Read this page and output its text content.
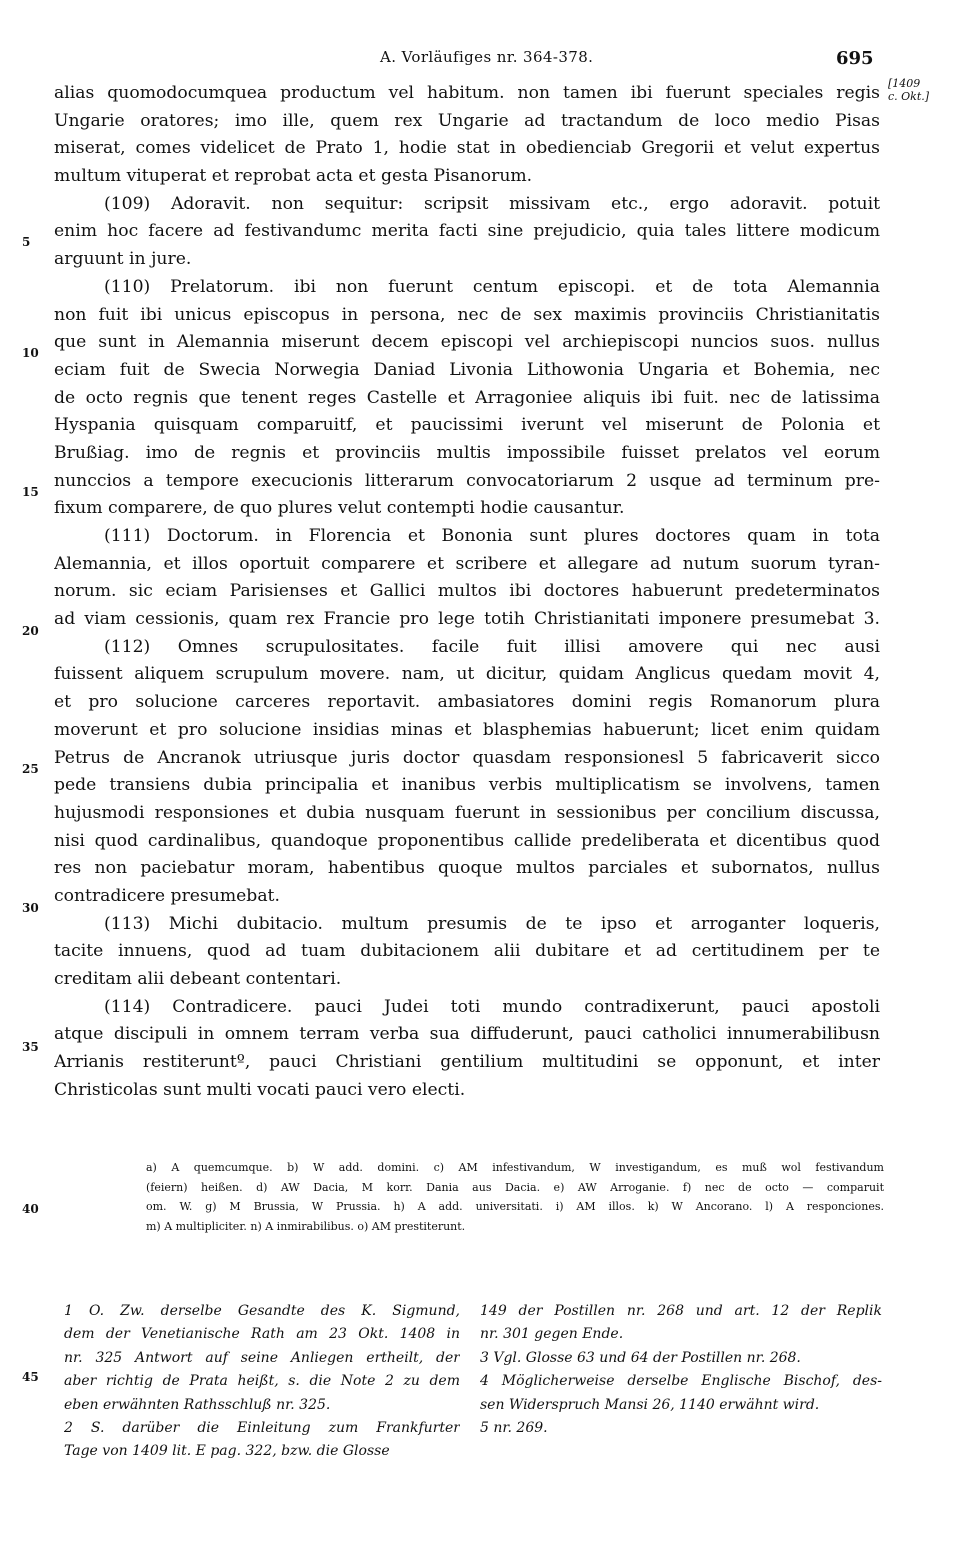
A. Vorläufiges nr. 364-378.	695
[1409
c. Okt.]
5
10
15
20
25
30
35
40
45
alias quomodocumquea productum vel habitum. non tamen ibi fuerunt speciales regis
Ungarie oratores; imo ille, quem rex Ungarie ad tractandum de loco medio Pisas
miserat, comes videlicet de Prato 1, hodie stat in obedienciab Gregorii et velut expertus
multum vituperat et reprobat acta et gesta Pisanorum.
(109) Adoravit. non sequitur: scripsit missivam etc., ergo adoravit. potuit
enim hoc facere ad festivandumc merita facti sine prejudicio, quia tales littere modicum
arguunt in jure.
(110) Prelatorum. ibi non fuerunt centum episcopi. et de tota Alemannia
non fuit ibi unicus episcopus in persona, nec de sex maximis provinciis Christianitatis
que sunt in Alemannia miserunt decem episcopi vel archiepiscopi nuncios suos. nullus
eciam fuit de Swecia Norwegia Daniad Livonia Lithowonia Ungaria et Bohemia, nec
de octo regnis que tenent reges Castelle et Arragoniee aliquis ibi fuit. nec de latissima
Hyspania quisquam comparuitf, et paucissimi iverunt vel miserunt de Polonia et
Brußiag. imo de regnis et provinciis multis impossibile fuisset prelatos vel eorum
nunccios a tempore execucionis litterarum convocatoriarum 2 usque ad terminum pre-
fixum comparere, de quo plures velut contempti hodie causantur.
(111) Doctorum. in Florencia et Bononia sunt plures doctores quam in tota
Alemannia, et illos oportuit comparere et scribere et allegare ad nutum suorum tyran-
norum. sic eciam Parisienses et Gallici multos ibi doctores habuerunt predeterminatos
ad viam cessionis, quam rex Francie pro lege totih Christianitati imponere presumebat 3.
(112) Omnes scrupulositates. facile fuit illisi amovere qui nec ausi
fuissent aliquem scrupulum movere. nam, ut dicitur, quidam Anglicus quedam movit 4,
et pro solucione carceres reportavit. ambasiatores domini regis Romanorum plura
moverunt et pro solucione insidias minas et blasphemias habuerunt; licet enim quidam
Petrus de Ancranok utriusque juris doctor quasdam responsionesl 5 fabricaverit sicco
pede transiens dubia principalia et inanibus verbis multiplicatism se involvens, tamen
hujusmodi responsiones et dubia nusquam fuerunt in sessionibus per concilium discussa,
nisi quod cardinalibus, quandoque proponentibus callide predeliberata et dicentibus quod
res non paciebatur moram, habentibus quoque multos parciales et subornatos, nullus
contradicere presumebat.
(113) Michi dubitacio. multum presumis de te ipso et arroganter loqueris,
tacite innuens, quod ad tuam dubitacionem alii dubitare et ad certitudinem per te
creditam alii debeant contentari.
(114) Contradicere. pauci Judei toti mundo contradixerunt, pauci apostoli
atque discipuli in omnem terram verba sua diffuderunt, pauci catholici innumerabilibusn
Arrianis restiteruntº, pauci Christiani gentilium multitudini se opponunt, et inter
Christicolas sunt multi vocati pauci vero electi.
a) A quemcumque. b) W add. domini. c) AM infestivandum, W investigandum, es muß wol festivandum
(feiern) heißen. d) AW Dacia, M korr. Dania aus Dacia. e) AW Arroganie. f) nec de octo — comparuit
om. W. g) M Brussia, W Prussia. h) A add. universitati. i) AM illos. k) W Ancorano. l) A responciones.
m) A multipliciter. n) A inmirabilibus. o) AM prestiterunt.
1 O. Zw. derselbe Gesandte des K. Sigmund,
dem der Venetianische Rath am 23 Okt. 1408 in
nr. 325 Antwort auf seine Anliegen ertheilt, der
aber richtig de Prata heißt, s. die Note 2 zu dem
eben erwähnten Rathsschluß nr. 325.
2 S. darüber die Einleitung zum Frankfurter
Tage von 1409 lit. E pag. 322, bzw. die Glosse
149 der Postillen nr. 268 und art. 12 der Replik
nr. 301 gegen Ende.
3 Vgl. Glosse 63 und 64 der Postillen nr. 268.
4 Möglicherweise derselbe Englische Bischof, des-
sen Widerspruch Mansi 26, 1140 erwähnt wird.
5 nr. 269.
